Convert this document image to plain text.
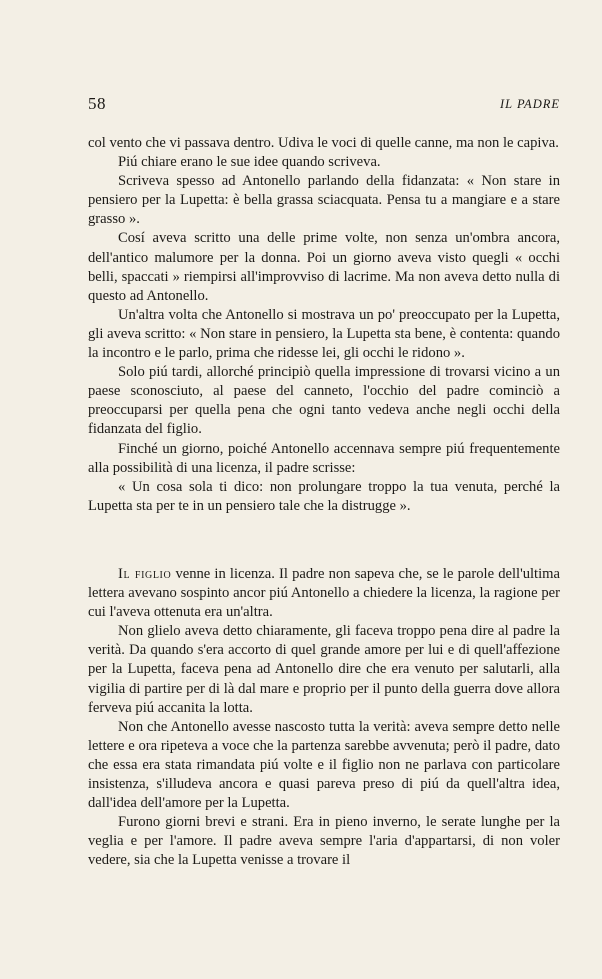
58	IL PADRE

col vento che vi passava dentro. Udiva le voci di quelle canne, ma non le capiva.

Piú chiare erano le sue idee quando scriveva.

Scriveva spesso ad Antonello parlando della fidanzata: « Non stare in pensiero per la Lupetta: è bella grassa sciacquata. Pensa tu a mangiare e a stare grasso ».

Cosí aveva scritto una delle prime volte, non senza un'ombra ancora, dell'antico malumore per la donna. Poi un giorno aveva visto quegli « occhi belli, spaccati » riempirsi all'improvviso di lacrime. Ma non aveva detto nulla di questo ad Antonello.

Un'altra volta che Antonello si mostrava un po' preoccupato per la Lupetta, gli aveva scritto: « Non stare in pensiero, la Lupetta sta bene, è contenta: quando la incontro e le parlo, prima che ridesse lei, gli occhi le ridono ».

Solo piú tardi, allorché principiò quella impressione di trovarsi vicino a un paese sconosciuto, al paese del canneto, l'occhio del padre cominciò a preoccuparsi per quella pena che ogni tanto vedeva anche negli occhi della fidanzata del figlio.

Finché un giorno, poiché Antonello accennava sempre piú frequentemente alla possibilità di una licenza, il padre scrisse:

« Un cosa sola ti dico: non prolungare troppo la tua venuta, perché la Lupetta sta per te in un pensiero tale che la distrugge ».

Il figlio venne in licenza. Il padre non sapeva che, se le parole dell'ultima lettera avevano sospinto ancor piú Antonello a chiedere la licenza, la ragione per cui l'aveva ottenuta era un'altra.

Non glielo aveva detto chiaramente, gli faceva troppo pena dire al padre la verità. Da quando s'era accorto di quel grande amore per lui e di quell'affezione per la Lupetta, faceva pena ad Antonello dire che era venuto per salutarli, alla vigilia di partire per di là dal mare e proprio per il punto della guerra dove allora ferveva piú accanita la lotta.

Non che Antonello avesse nascosto tutta la verità: aveva sempre detto nelle lettere e ora ripeteva a voce che la partenza sarebbe avvenuta; però il padre, dato che essa era stata rimandata piú volte e il figlio non ne parlava con particolare insistenza, s'illudeva ancora e quasi pareva preso di piú da quell'altra idea, dall'idea dell'amore per la Lupetta.

Furono giorni brevi e strani. Era in pieno inverno, le serate lunghe per la veglia e per l'amore. Il padre aveva sempre l'aria d'appartarsi, di non voler vedere, sia che la Lupetta venisse a trovare il
